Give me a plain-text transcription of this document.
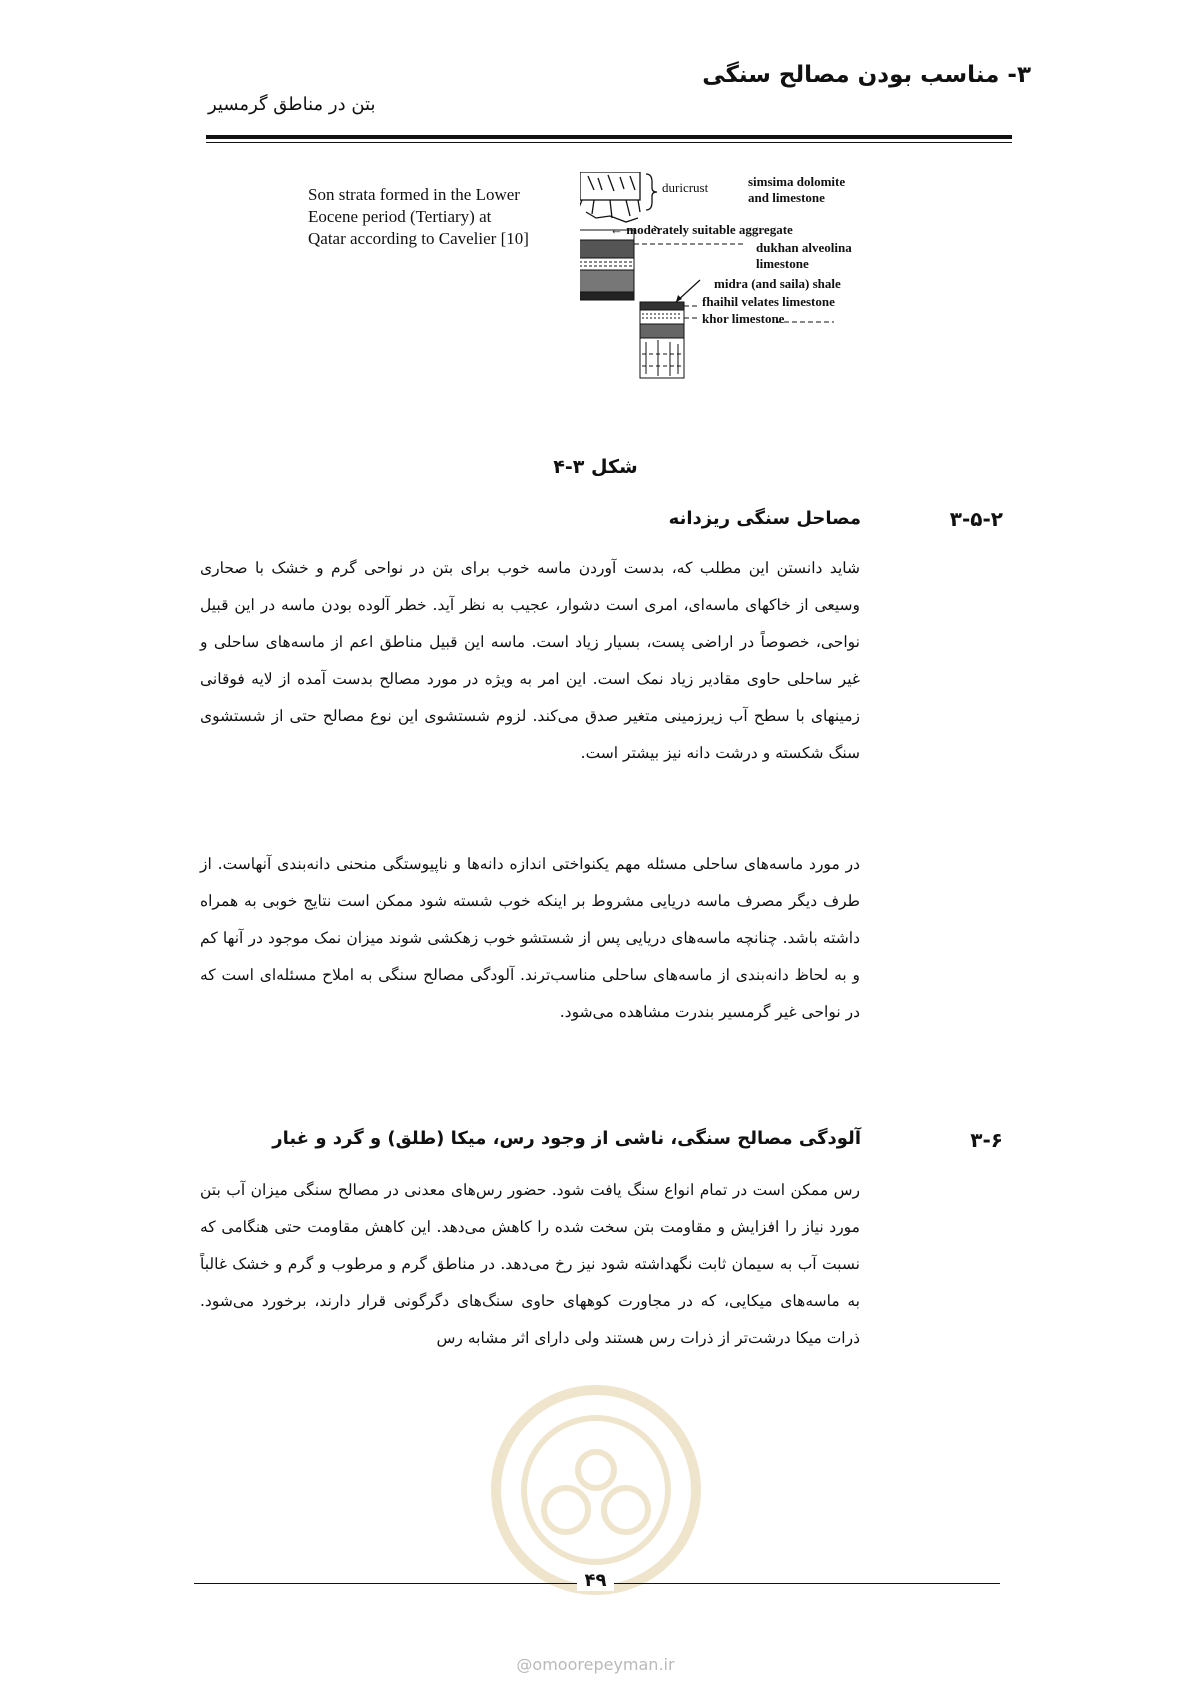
۳- مناسب بودن مصالح سنگی
بتن در مناطق گرمسیر
Son strata formed in the Lower
Eocene period (Tertiary) at
Qatar according to Cavelier [10]
duricrust	simsima dolomite
and limestone
← moderately suitable aggregate
dukhan alveolina
limestone
midra (and saila) shale
fhaihil velates limestone
khor limestone
شکل ۳-۴
۳-۵-۲
مصاحل سنگی ریزدانه
شاید دانستن این مطلب که، بدست آوردن ماسه خوب برای بتن در نواحی گرم و خشک با صحاری وسیعی از خاکهای ماسه‌ای، امری است دشوار، عجیب به نظر آید. خطر آلوده بودن ماسه در این قبیل نواحی، خصوصاً در اراضی پست، بسیار زیاد است. ماسه این قبیل مناطق اعم از ماسه‌های ساحلی و غیر ساحلی حاوی مقادیر زیاد نمک است. این امر به ویژه در مورد مصالح بدست آمده از لایه فوقانی زمینهای با سطح آب زیرزمینی متغیر صدق می‌کند. لزوم شستشوی این نوع مصالح حتی از شستشوی سنگ شکسته و درشت دانه نیز بیشتر است.
در مورد ماسه‌های ساحلی مسئله مهم یکنواختی اندازه دانه‌ها و ناپیوستگی منحنی دانه‌بندی آنهاست. از طرف دیگر مصرف ماسه دریایی مشروط بر اینکه خوب شسته شود ممکن است نتایج خوبی به همراه داشته باشد. چنانچه ماسه‌های دریایی پس از شستشو خوب زهکشی شوند میزان نمک موجود در آنها کم و به لحاظ دانه‌بندی از ماسه‌های ساحلی مناسب‌ترند. آلودگی مصالح سنگی به املاح مسئله‌ای است که در نواحی غیر گرمسیر بندرت مشاهده می‌شود.
۳-۶
آلودگی مصالح سنگی، ناشی از وجود رس، میکا (طلق) و گرد و غبار
رس ممکن است در تمام انواع سنگ یافت شود. حضور رس‌های معدنی در مصالح سنگی میزان آب بتن مورد نیاز را افزایش و مقاومت بتن سخت شده را کاهش می‌دهد. این کاهش مقاومت حتی هنگامی که نسبت آب به سیمان ثابت نگهداشته شود نیز رخ می‌دهد. در مناطق گرم و مرطوب و گرم و خشک غالباً به ماسه‌های میکایی، که در مجاورت کوههای حاوی سنگ‌های دگرگونی قرار دارند، برخورد می‌شود. ذرات میکا درشت‌تر از ذرات رس هستند ولی دارای اثر مشابه رس
۴۹
@omoorepeyman.ir
